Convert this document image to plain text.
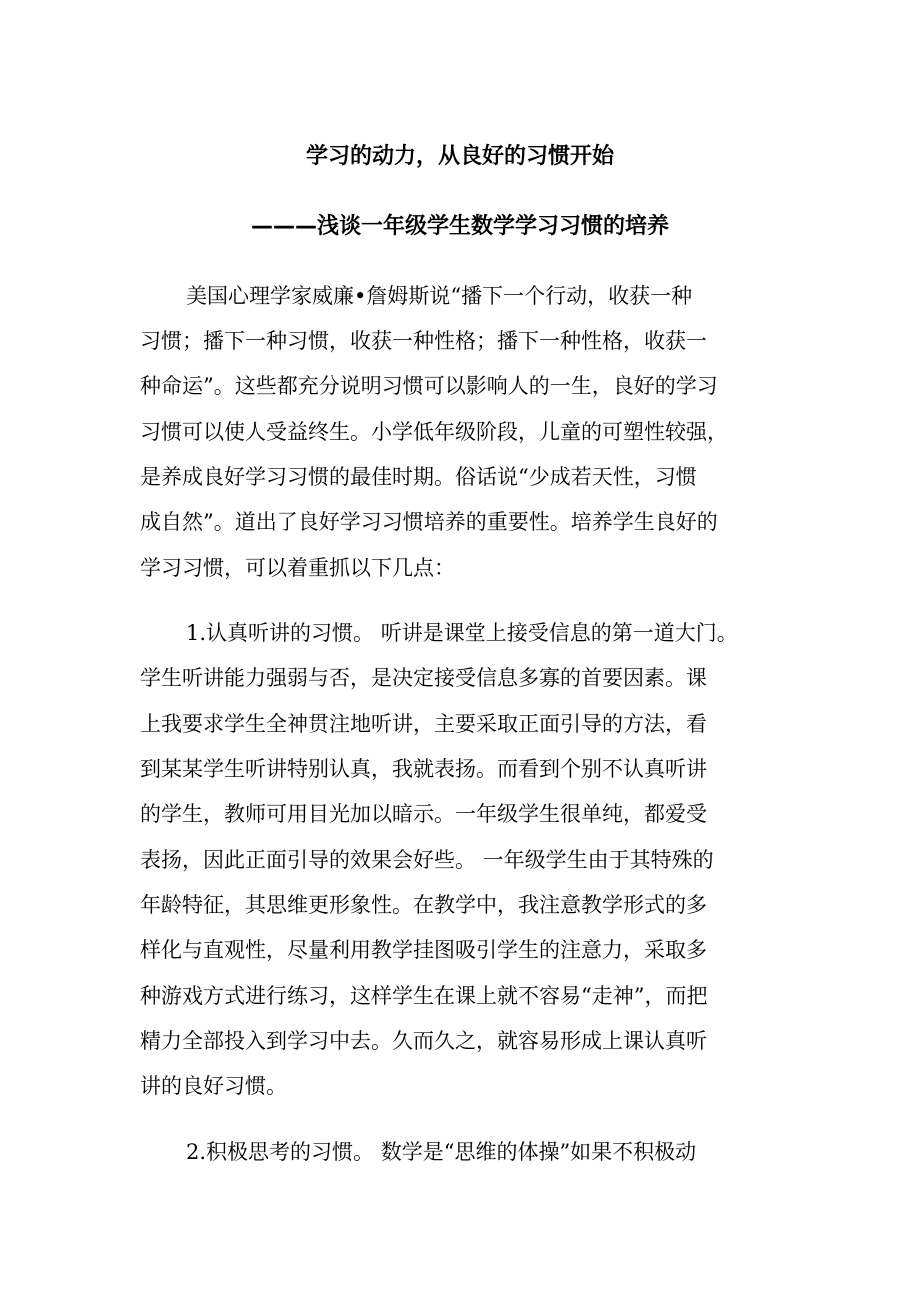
学习的动力，从良好的习惯开始
———浅谈一年级学生数学学习习惯的培养
美国心理学家威廉•詹姆斯说“播下一个行动，收获一种
习惯；播下一种习惯，收获一种性格；播下一种性格，收获一
种命运”。这些都充分说明习惯可以影响人的一生，良好的学习
习惯可以使人受益终生。小学低年级阶段，儿童的可塑性较强，
是养成良好学习习惯的最佳时期。俗话说“少成若天性，习惯
成自然”。道出了良好学习习惯培养的重要性。培养学生良好的
学习习惯，可以着重抓以下几点：
1.认真听讲的习惯。 听讲是课堂上接受信息的第一道大门。
学生听讲能力强弱与否，是决定接受信息多寡的首要因素。课
上我要求学生全神贯注地听讲，主要采取正面引导的方法，看
到某某学生听讲特别认真，我就表扬。而看到个别不认真听讲
的学生，教师可用目光加以暗示。一年级学生很单纯，都爱受
表扬，因此正面引导的效果会好些。 一年级学生由于其特殊的
年龄特征，其思维更形象性。在教学中，我注意教学形式的多
样化与直观性，尽量利用教学挂图吸引学生的注意力，采取多
种游戏方式进行练习，这样学生在课上就不容易“走神”，而把
精力全部投入到学习中去。久而久之，就容易形成上课认真听
讲的良好习惯。
2.积极思考的习惯。 数学是“思维的体操”如果不积极动
